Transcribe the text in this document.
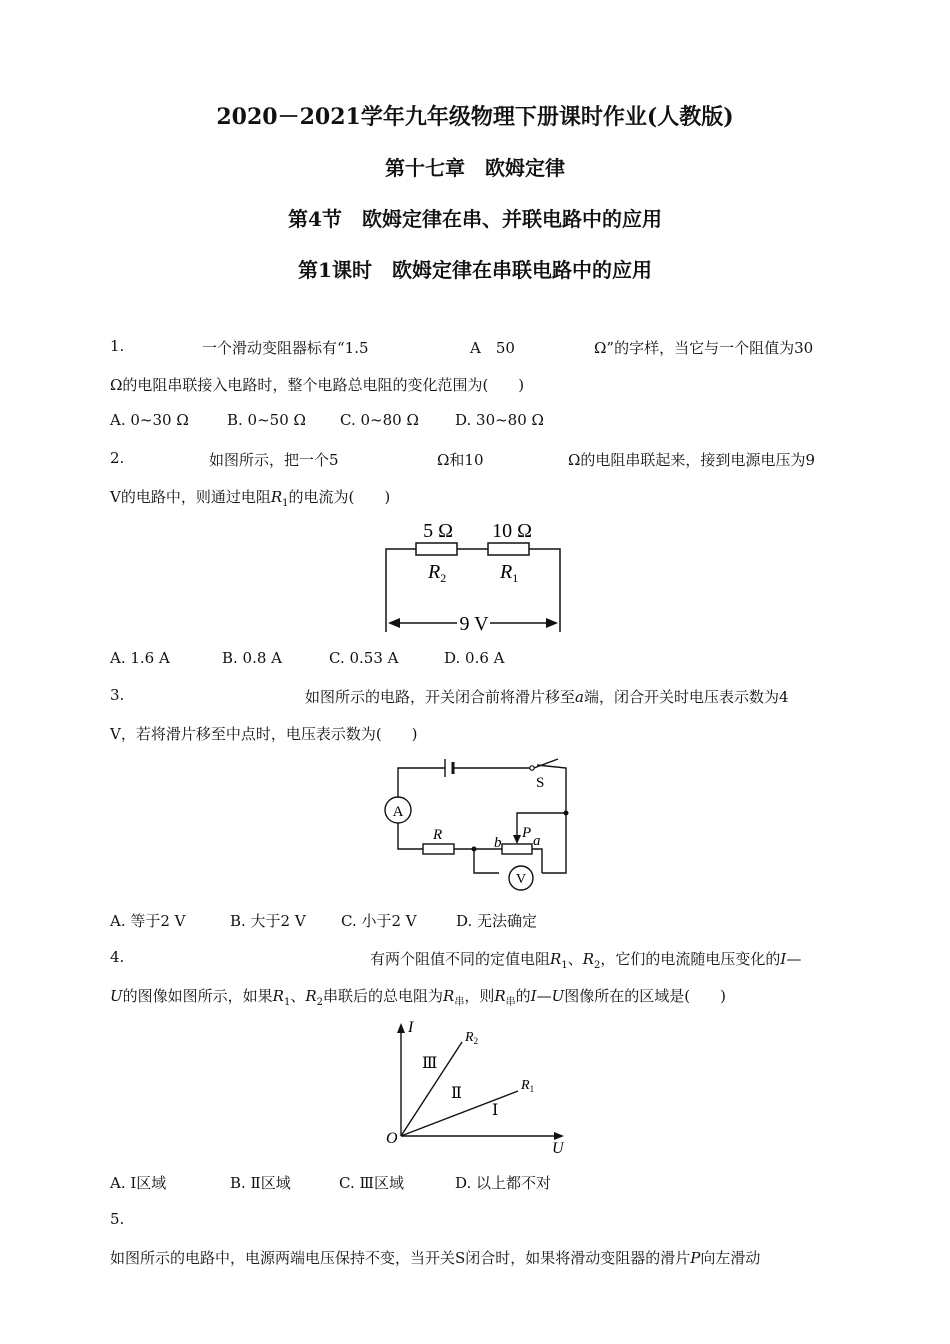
2020－2021学年九年级物理下册课时作业(人教版)
第十七章　欧姆定律
第4节　欧姆定律在串、并联电路中的应用
第1课时　欧姆定律在串联电路中的应用
1.	一个滑动变阻器标有“1.5	A　50	Ω”的字样，当它与一个阻值为30
Ω的电阻串联接入电路时，整个电路总电阻的变化范围为(　　)
A. 0~30 Ω	B. 0~50 Ω C. 0~80 Ω D. 30~80 Ω
2.	如图所示，把一个5	Ω和10	Ω的电阻串联起来，接到电源电压为9
V的电路中，则通过电阻$R_1$的电流为(　　)
5 Ω 10 Ω
$R_2$	$R_1$
9 V
A. 1.6 A	B. 0.8 A	C. 0.53 A	D. 0.6 A
3.	如图所示的电路，开关闭合前将滑片移至a端，闭合开关时电压表示数为4
V，若将滑片移至中点时，电压表示数为(　　)
S
A
R	b
P a
V
A. 等于2 V	B. 大于2 V C. 小于2 V	D. 无法确定
4.	有两个阻值不同的定值电阻$R_1$、$R_2$，它们的电流随电压变化的I—
U的图像如图所示，如果$R_1$、$R_2$串联后的总电阻为$R_串$，则$R_串$的I—U图像所在的区域是(　　)
I
U
O
$R_2$
$R_1$
Ⅲ
Ⅱ
Ⅰ
A. Ⅰ区域	B. Ⅱ区域	C. Ⅲ区域	D. 以上都不对
5.
如图所示的电路中，电源两端电压保持不变，当开关S闭合时，如果将滑动变阻器的滑片P向左滑动
